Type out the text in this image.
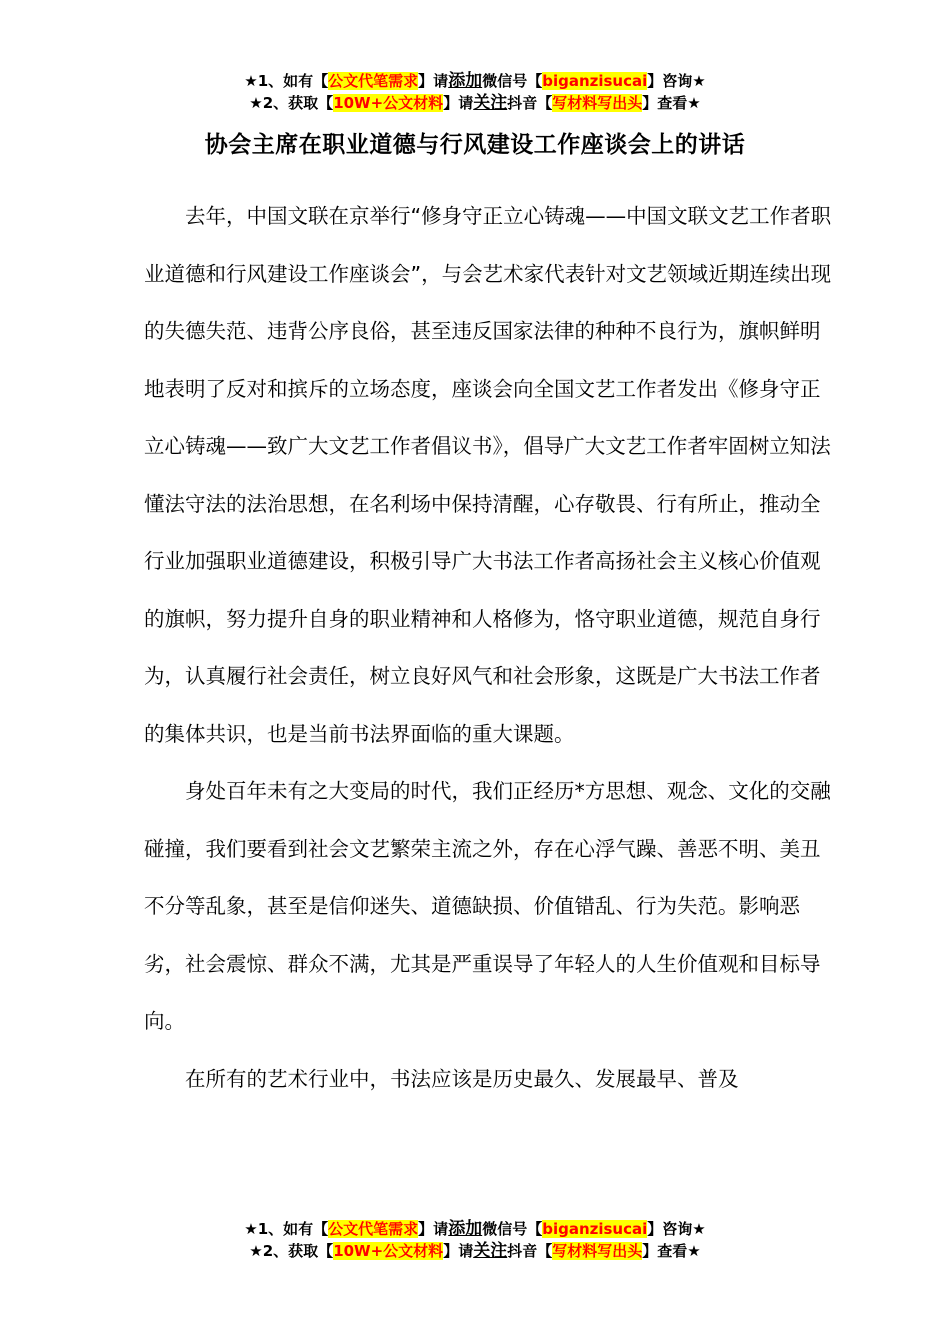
★1、如有【公文代笔需求】请添加微信号【biganzisucai】咨询★
★2、获取【10W+公文材料】请关注抖音【写材料写出头】查看★
协会主席在职业道德与行风建设工作座谈会上的讲话

去年，中国文联在京举行“修身守正立心铸魂——中国文联文艺工作者职业道德和行风建设工作座谈会”，与会艺术家代表针对文艺领域近期连续出现的失德失范、违背公序良俗，甚至违反国家法律的种种不良行为，旗帜鲜明地表明了反对和摈斥的立场态度，座谈会向全国文艺工作者发出《修身守正立心铸魂——致广大文艺工作者倡议书》，倡导广大文艺工作者牢固树立知法懂法守法的法治思想，在名利场中保持清醒，心存敬畏、行有所止，推动全行业加强职业道德建设，积极引导广大书法工作者高扬社会主义核心价值观的旗帜，努力提升自身的职业精神和人格修为，恪守职业道德，规范自身行为，认真履行社会责任，树立良好风气和社会形象，这既是广大书法工作者的集体共识，也是当前书法界面临的重大课题。

身处百年未有之大变局的时代，我们正经历*方思想、观念、文化的交融碰撞，我们要看到社会文艺繁荣主流之外，存在心浮气躁、善恶不明、美丑不分等乱象，甚至是信仰迷失、道德缺损、价值错乱、行为失范。影响恶劣，社会震惊、群众不满，尤其是严重误导了年轻人的人生价值观和目标导向。

在所有的艺术行业中，书法应该是历史最久、发展最早、普及

★1、如有【公文代笔需求】请添加微信号【biganzisucai】咨询★
★2、获取【10W+公文材料】请关注抖音【写材料写出头】查看★
